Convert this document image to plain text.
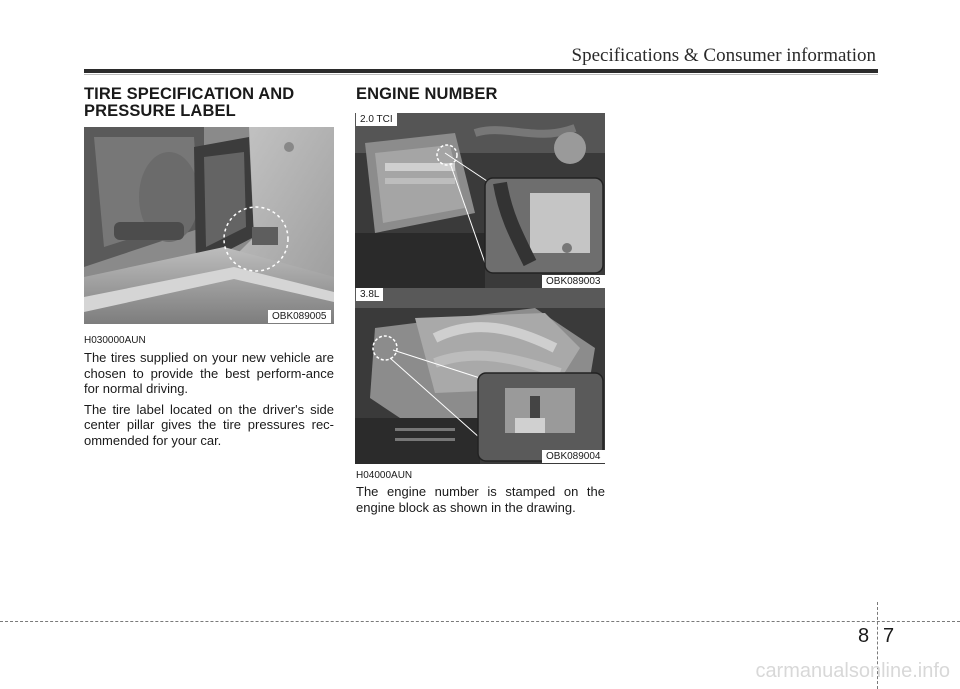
Specifications & Consumer information
TIRE SPECIFICATION AND PRESSURE LABEL
OBK089005
H030000AUN

The tires supplied on your new vehicle are chosen to provide the best perform-ance for normal driving.

The tire label located on the driver's side center pillar gives the tire pressures rec-ommended for your car.

ENGINE NUMBER
2.0 TCI
OBK089003
3.8L
OBK089004
H04000AUN

The engine number is stamped on the engine block as shown in the drawing.

8 7
carmanualsonline.info
